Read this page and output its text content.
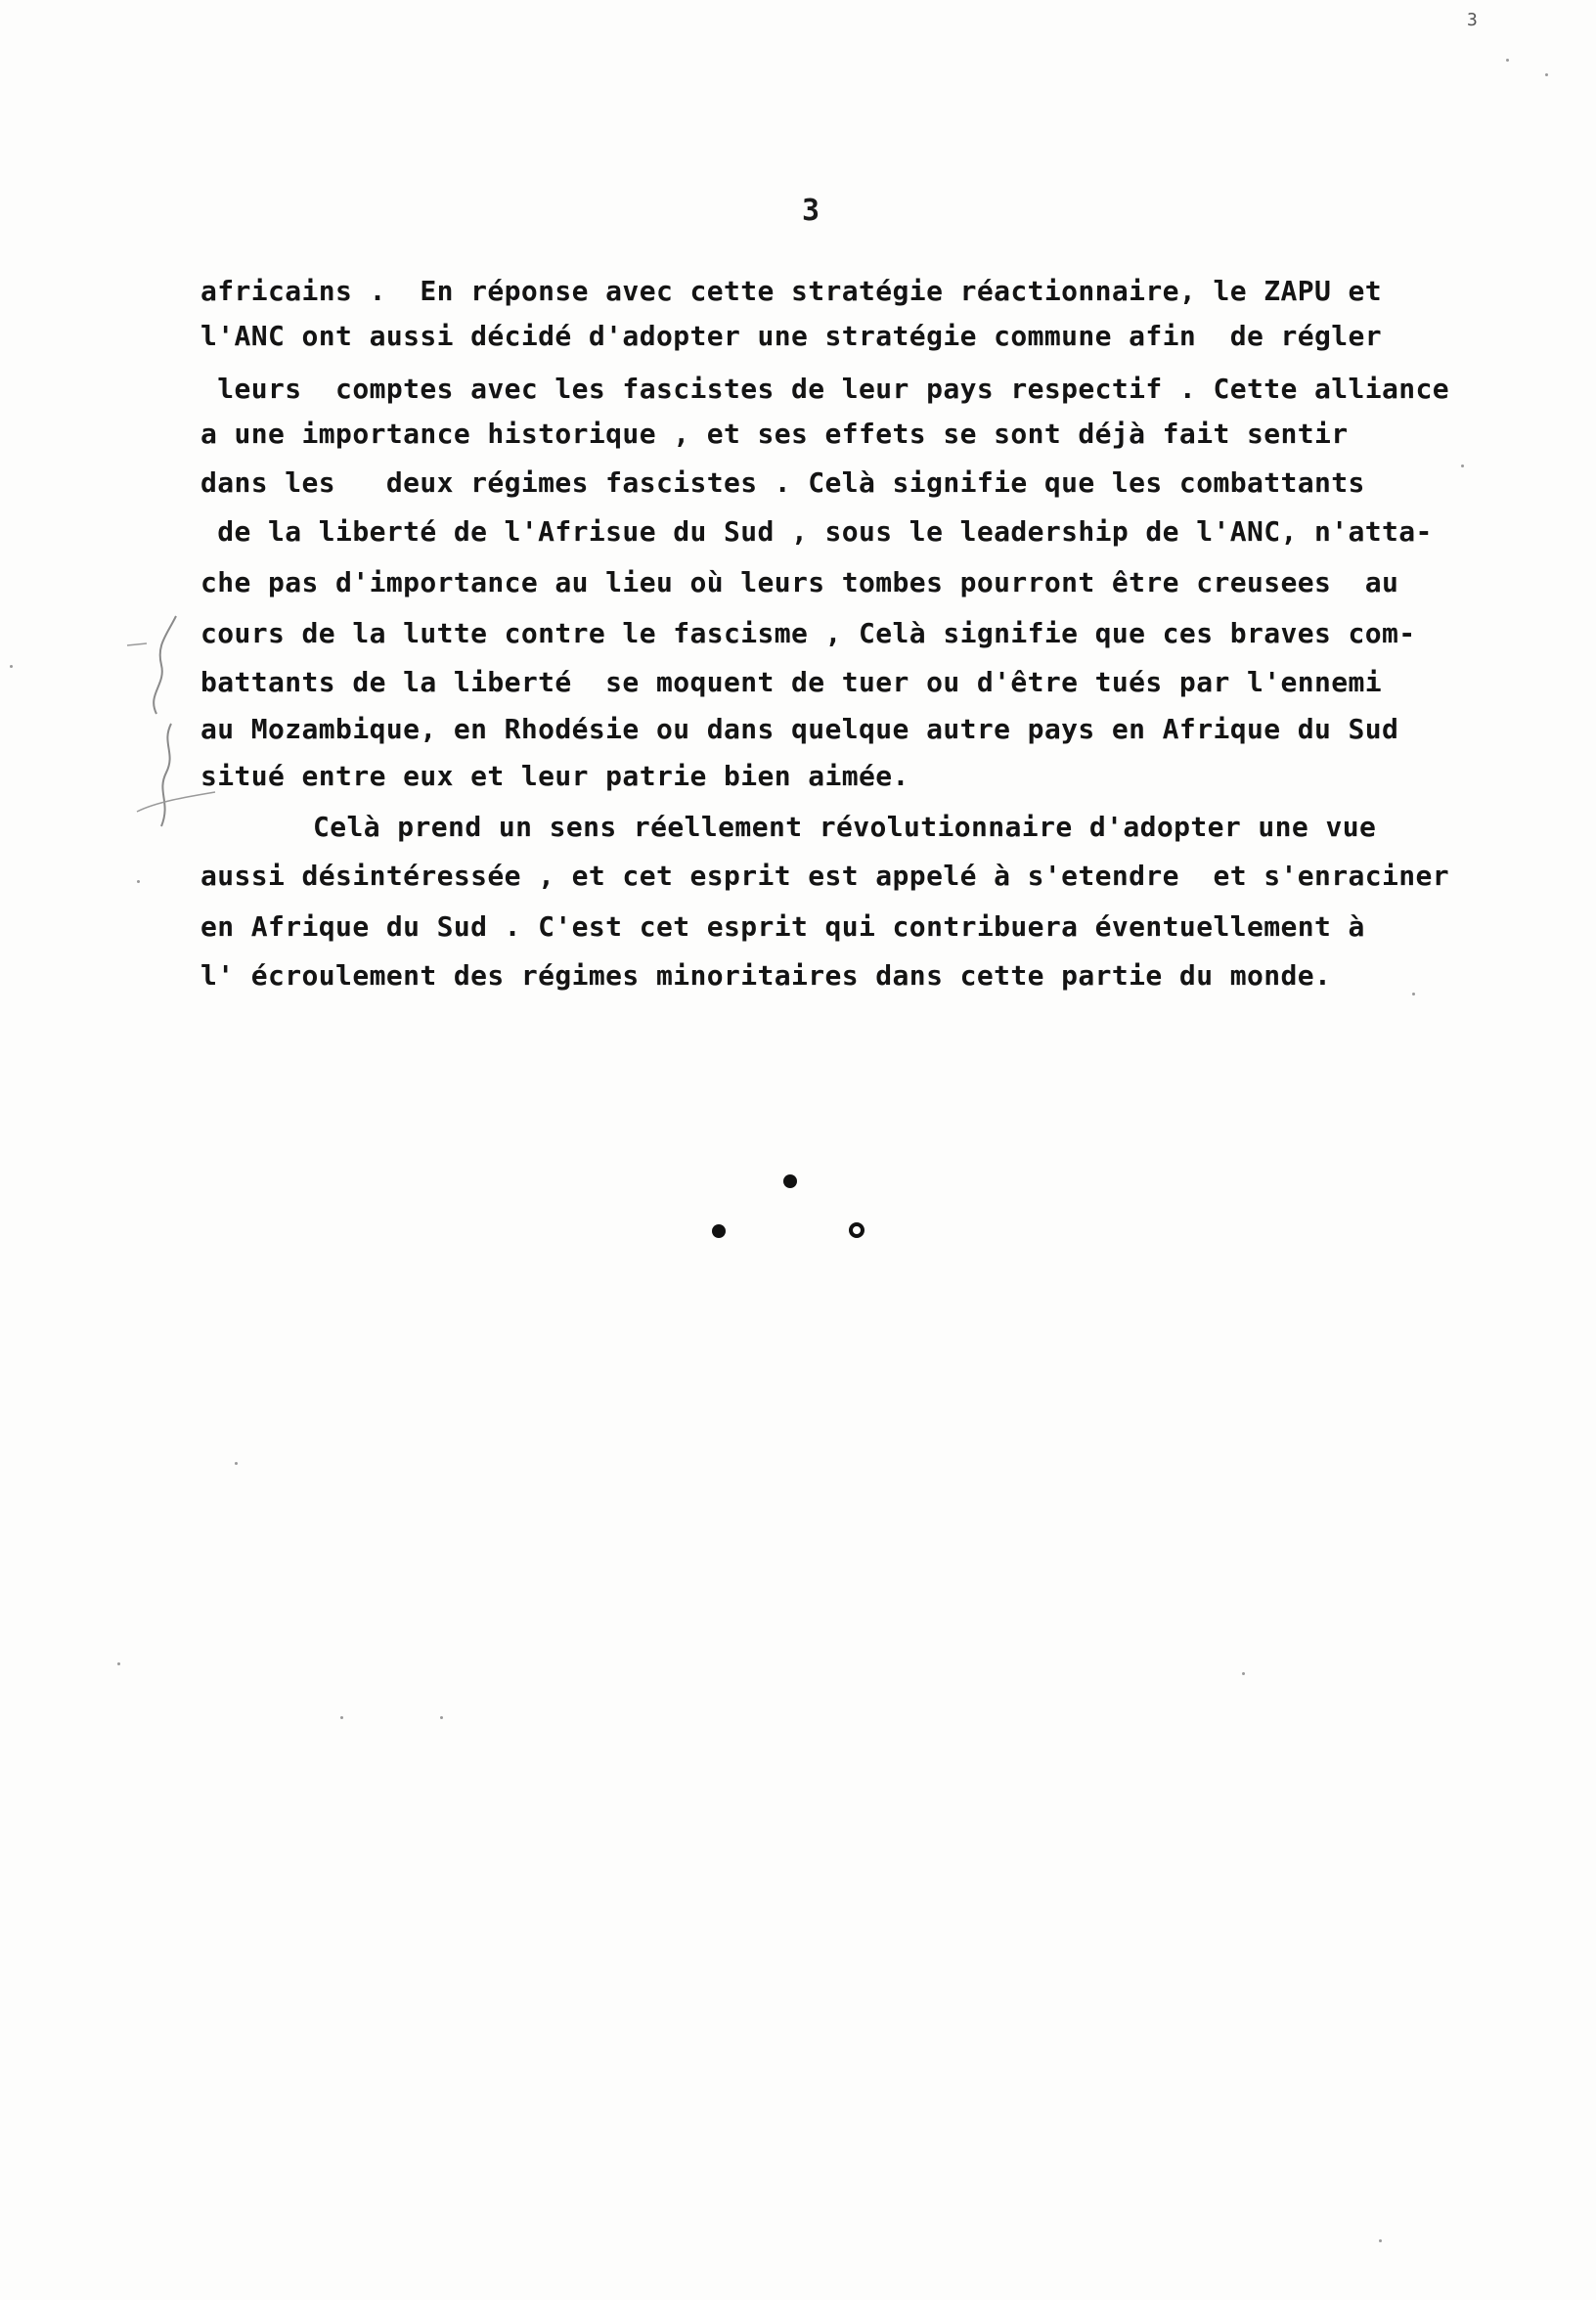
3
3
africains .  En réponse avec cette stratégie réactionnaire, le ZAPU et
l'ANC ont aussi décidé d'adopter une stratégie commune afin  de régler
leurs  comptes avec les fascistes de leur pays respectif . Cette alliance
a une importance historique , et ses effets se sont déjà fait sentir
dans les   deux régimes fascistes . Celà signifie que les combattants
de la liberté de l'Afrisue du Sud , sous le leadership de l'ANC, n'atta-
che pas d'importance au lieu où leurs tombes pourront être creusees  au
cours de la lutte contre le fascisme , Celà signifie que ces braves com-
battants de la liberté  se moquent de tuer ou d'être tués par l'ennemi
au Mozambique, en Rhodésie ou dans quelque autre pays en Afrique du Sud
situé entre eux et leur patrie bien aimée.
Celà prend un sens réellement révolutionnaire d'adopter une vue
aussi désintéressée , et cet esprit est appelé à s'etendre  et s'enraciner
en Afrique du Sud . C'est cet esprit qui contribuera éventuellement à
l' écroulement des régimes minoritaires dans cette partie du monde.
